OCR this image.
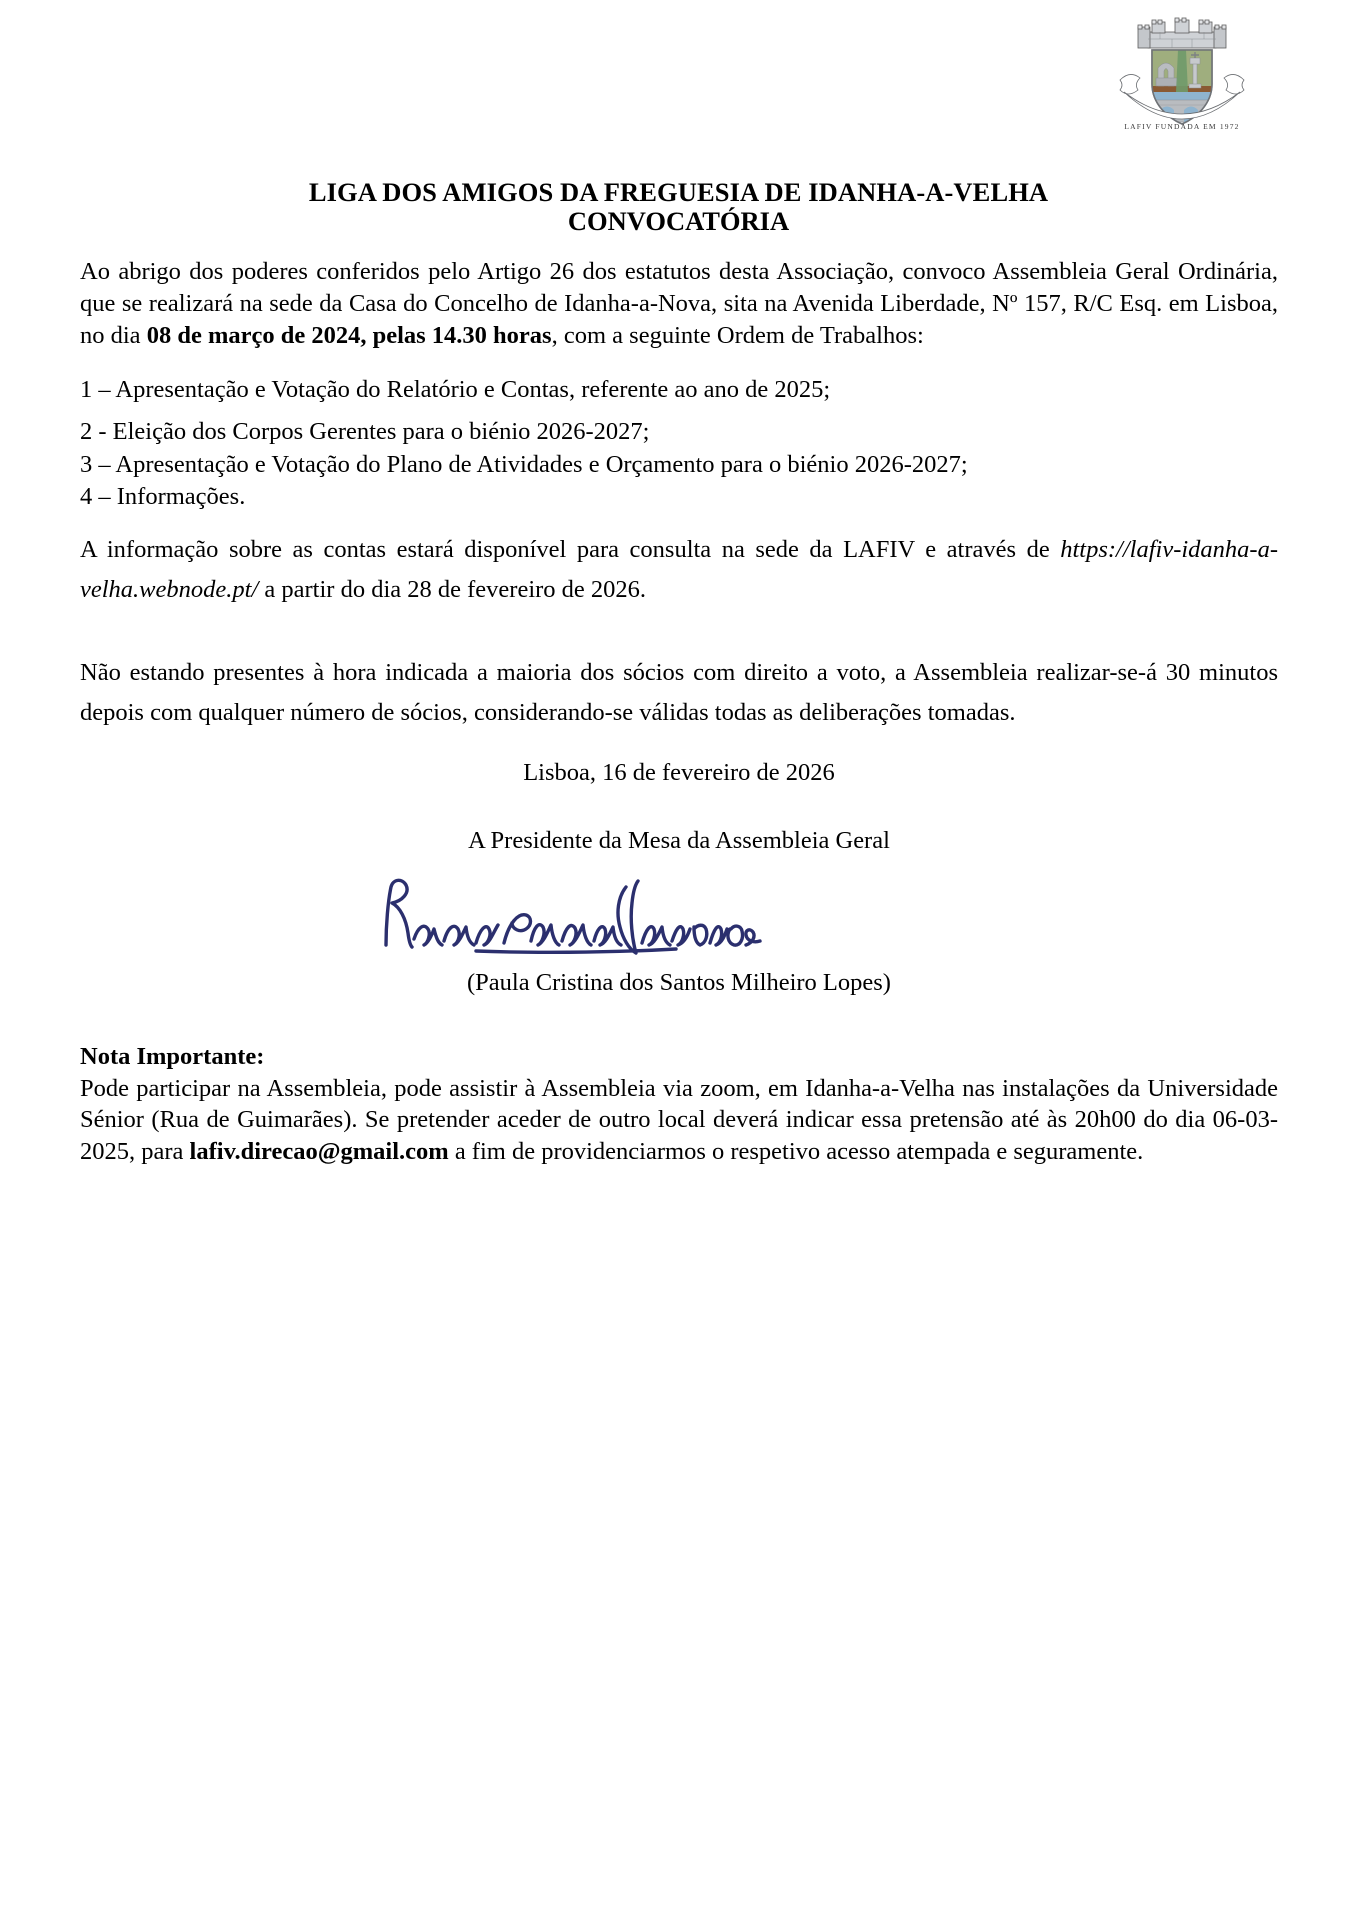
LAFIV FUNDADA EM 1972
LIGA DOS AMIGOS DA FREGUESIA DE IDANHA-A-VELHA
CONVOCATÓRIA

Ao abrigo dos poderes conferidos pelo Artigo 26 dos estatutos desta Associação, convoco Assembleia Geral Ordinária, que se realizará na sede da Casa do Concelho de Idanha-a-Nova, sita na Avenida Liberdade, Nº 157, R/C Esq. em Lisboa, no dia 08 de março de 2024, pelas 14.30 horas, com a seguinte Ordem de Trabalhos:

1 – Apresentação e Votação do Relatório e Contas, referente ao ano de 2025;
2 - Eleição dos Corpos Gerentes para o biénio 2026-2027;
3 – Apresentação e Votação do Plano de Atividades e Orçamento para o biénio 2026-2027;
4 – Informações.

A informação sobre as contas estará disponível para consulta na sede da LAFIV e através de https://lafiv-idanha-a-velha.webnode.pt/ a partir do dia 28 de fevereiro de 2026.

Não estando presentes à hora indicada a maioria dos sócios com direito a voto, a Assembleia realizar-se-á 30 minutos depois com qualquer número de sócios, considerando-se válidas todas as deliberações tomadas.

Lisboa, 16 de fevereiro de 2026
A Presidente da Mesa da Assembleia Geral
(Paula Cristina dos Santos Milheiro Lopes)
Nota Importante:

Pode participar na Assembleia, pode assistir à Assembleia via zoom, em Idanha-a-Velha nas instalações da Universidade Sénior (Rua de Guimarães). Se pretender aceder de outro local deverá indicar essa pretensão até às 20h00 do dia 06-03-2025, para lafiv.direcao@gmail.com a fim de providenciarmos o respetivo acesso atempada e seguramente.
